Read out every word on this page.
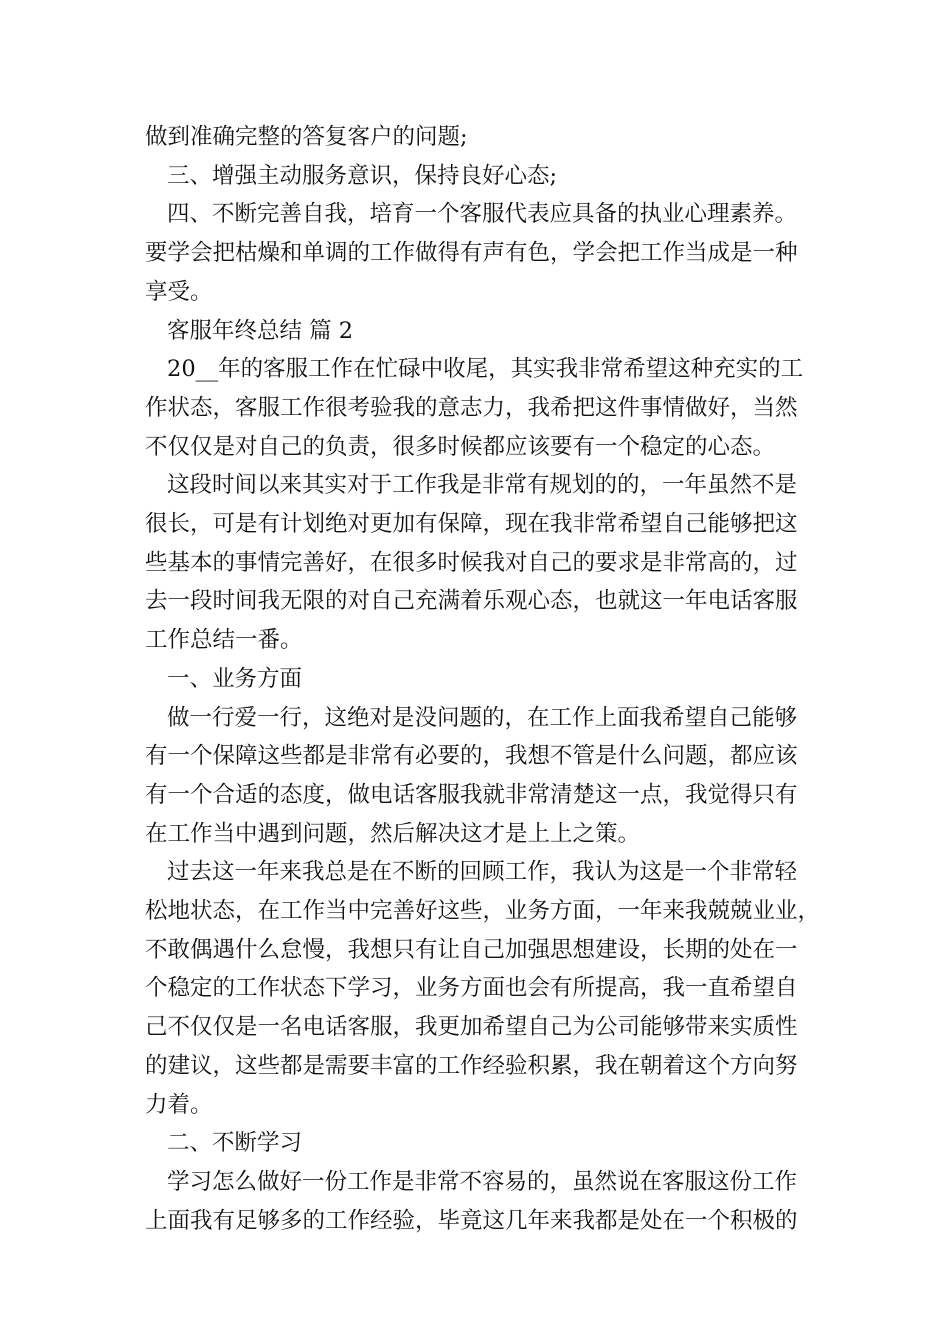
做到准确完整的答复客户的问题;

三、增强主动服务意识，保持良好心态;

四、不断完善自我，培育一个客服代表应具备的执业心理素养。

要学会把枯燥和单调的工作做得有声有色，学会把工作当成是一种

享受。

客服年终总结 篇 2

20__年的客服工作在忙碌中收尾，其实我非常希望这种充实的工

作状态，客服工作很考验我的意志力，我希把这件事情做好，当然

不仅仅是对自己的负责，很多时候都应该要有一个稳定的心态。

这段时间以来其实对于工作我是非常有规划的的，一年虽然不是

很长，可是有计划绝对更加有保障，现在我非常希望自己能够把这

些基本的事情完善好，在很多时候我对自己的要求是非常高的，过

去一段时间我无限的对自己充满着乐观心态，也就这一年电话客服

工作总结一番。

一、业务方面

做一行爱一行，这绝对是没问题的，在工作上面我希望自己能够

有一个保障这些都是非常有必要的，我想不管是什么问题，都应该

有一个合适的态度，做电话客服我就非常清楚这一点，我觉得只有

在工作当中遇到问题，然后解决这才是上上之策。

过去这一年来我总是在不断的回顾工作，我认为这是一个非常轻

松地状态，在工作当中完善好这些，业务方面，一年来我兢兢业业，

不敢偶遇什么怠慢，我想只有让自己加强思想建设，长期的处在一

个稳定的工作状态下学习，业务方面也会有所提高，我一直希望自

己不仅仅是一名电话客服，我更加希望自己为公司能够带来实质性

的建议，这些都是需要丰富的工作经验积累，我在朝着这个方向努

力着。

二、不断学习

学习怎么做好一份工作是非常不容易的，虽然说在客服这份工作

上面我有足够多的工作经验，毕竟这几年来我都是处在一个积极的
